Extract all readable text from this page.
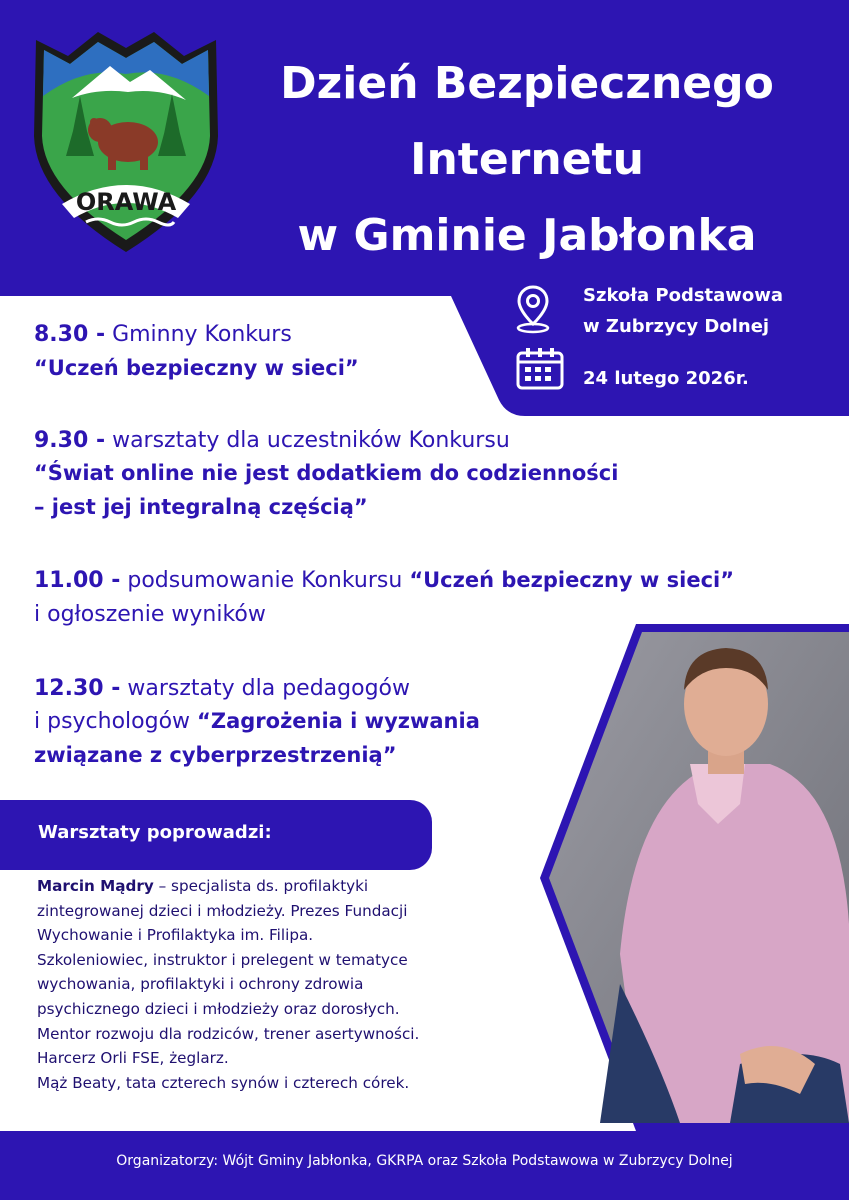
ORAWA
Dzień Bezpiecznego
Internetu
w Gminie Jabłonka
Szkoła Podstawowa
w Zubrzycy Dolnej
24 lutego 2026r.
8.30 - Gminny Konkurs
“Uczeń bezpieczny w sieci”
9.30 - warsztaty dla uczestników Konkursu
“Świat online nie jest dodatkiem do codzienności
– jest jej integralną częścią”
11.00 - podsumowanie Konkursu “Uczeń bezpieczny w sieci”
i ogłoszenie wyników
12.30 - warsztaty dla pedagogów
i psychologów “Zagrożenia i wyzwania
związane z cyberprzestrzenią”
Warsztaty poprowadzi:
Marcin Mądry – specjalista ds. profilaktyki
zintegrowanej dzieci i młodzieży. Prezes Fundacji
Wychowanie i Profilaktyka im. Filipa.
Szkoleniowiec, instruktor i prelegent w tematyce
wychowania, profilaktyki i ochrony zdrowia
psychicznego dzieci i młodzieży oraz dorosłych.
Mentor rozwoju dla rodziców, trener asertywności.
Harcerz Orli FSE, żeglarz.
Mąż Beaty, tata czterech synów i czterech córek.
Organizatorzy: Wójt Gminy Jabłonka, GKRPA oraz Szkoła Podstawowa w Zubrzycy Dolnej
